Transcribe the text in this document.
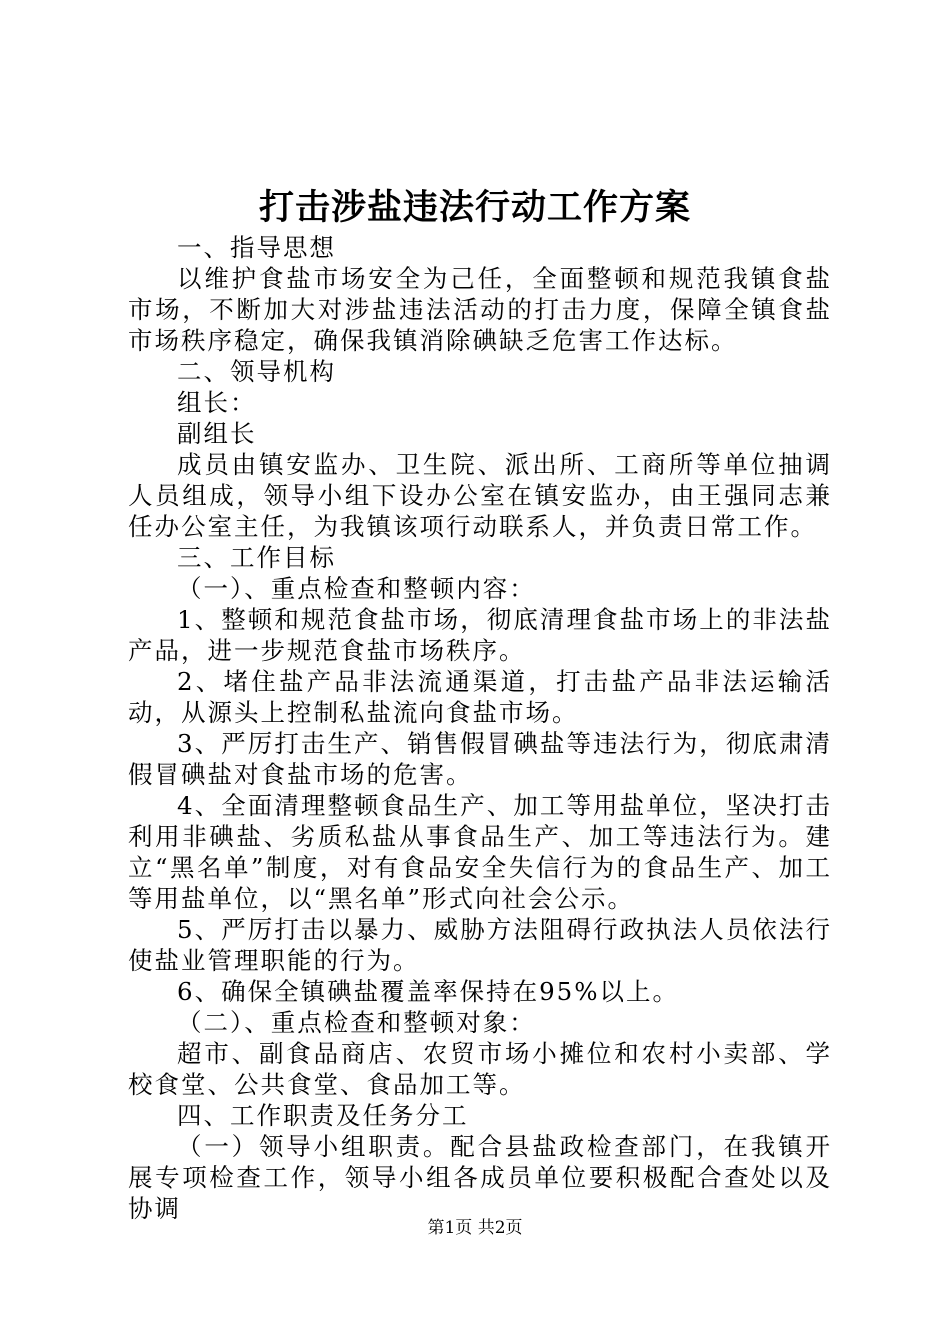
打击涉盐违法行动工作方案

一、指导思想

以维护食盐市场安全为己任，全面整顿和规范我镇食盐市场，不断加大对涉盐违法活动的打击力度，保障全镇食盐市场秩序稳定，确保我镇消除碘缺乏危害工作达标。

二、领导机构

组长：

副组长

成员由镇安监办、卫生院、派出所、工商所等单位抽调人员组成，领导小组下设办公室在镇安监办，由王强同志兼任办公室主任，为我镇该项行动联系人，并负责日常工作。

三、工作目标

（一）、重点检查和整顿内容：

1、整顿和规范食盐市场，彻底清理食盐市场上的非法盐产品，进一步规范食盐市场秩序。

2、堵住盐产品非法流通渠道，打击盐产品非法运输活动，从源头上控制私盐流向食盐市场。

3、严厉打击生产、销售假冒碘盐等违法行为，彻底肃清假冒碘盐对食盐市场的危害。

4、全面清理整顿食品生产、加工等用盐单位，坚决打击利用非碘盐、劣质私盐从事食品生产、加工等违法行为。建立“黑名单”制度，对有食品安全失信行为的食品生产、加工等用盐单位，以“黑名单”形式向社会公示。

5、严厉打击以暴力、威胁方法阻碍行政执法人员依法行使盐业管理职能的行为。

6、确保全镇碘盐覆盖率保持在95%以上。

（二）、重点检查和整顿对象：

超市、副食品商店、农贸市场小摊位和农村小卖部、学校食堂、公共食堂、食品加工等。

四、工作职责及任务分工

（一）领导小组职责。配合县盐政检查部门，在我镇开展专项检查工作，领导小组各成员单位要积极配合查处以及协调

第1页 共2页
